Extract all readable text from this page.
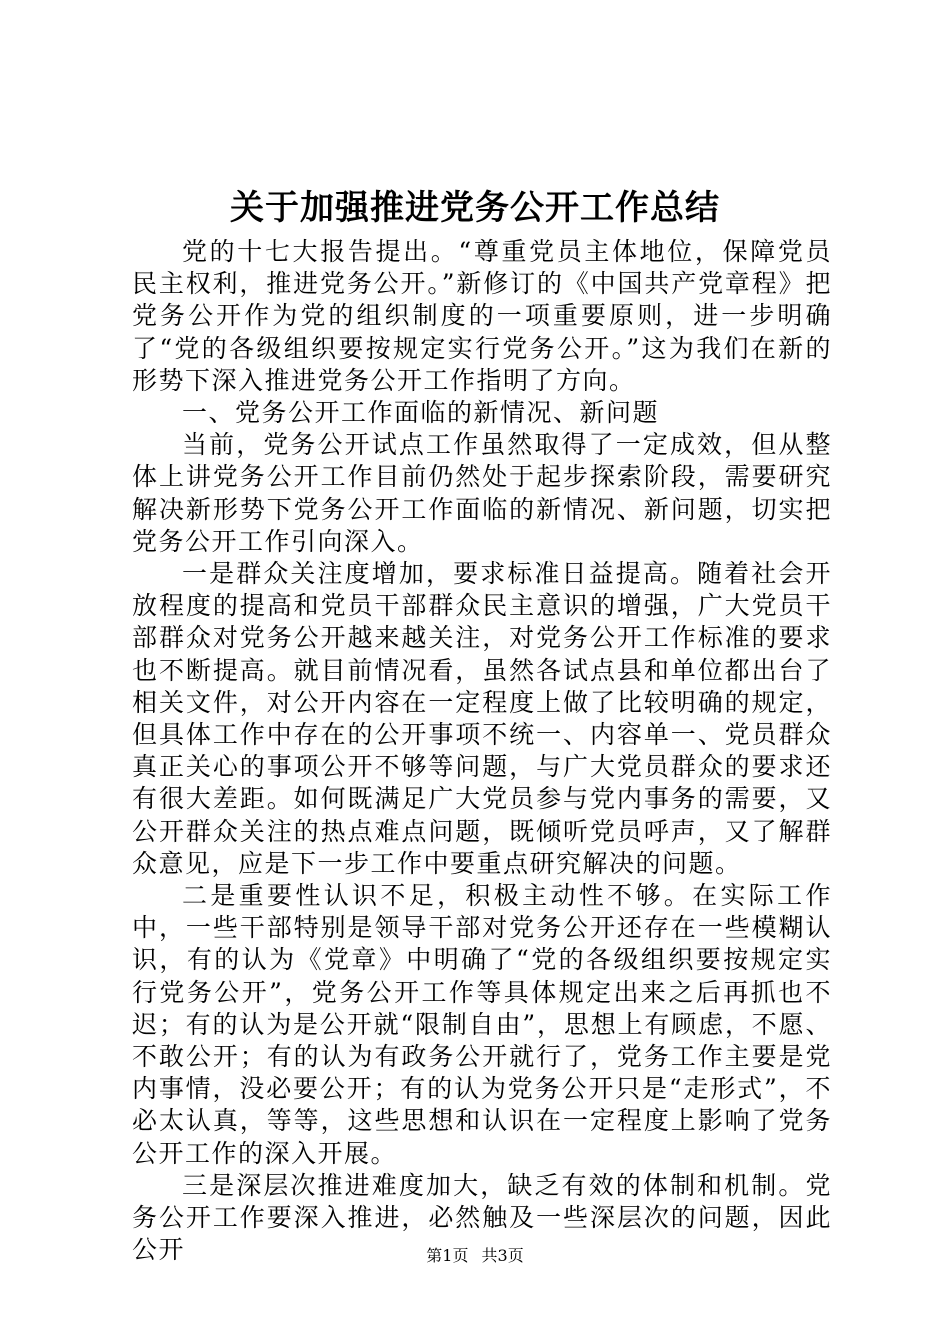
关于加强推进党务公开工作总结

党的十七大报告提出。“尊重党员主体地位，保障党员民主权利，推进党务公开。”新修订的《中国共产党章程》把党务公开作为党的组织制度的一项重要原则，进一步明确了“党的各级组织要按规定实行党务公开。”这为我们在新的形势下深入推进党务公开工作指明了方向。

一、党务公开工作面临的新情况、新问题

当前，党务公开试点工作虽然取得了一定成效，但从整体上讲党务公开工作目前仍然处于起步探索阶段，需要研究解决新形势下党务公开工作面临的新情况、新问题，切实把党务公开工作引向深入。

一是群众关注度增加，要求标准日益提高。随着社会开放程度的提高和党员干部群众民主意识的增强，广大党员干部群众对党务公开越来越关注，对党务公开工作标准的要求也不断提高。就目前情况看，虽然各试点县和单位都出台了相关文件，对公开内容在一定程度上做了比较明确的规定，但具体工作中存在的公开事项不统一、内容单一、党员群众真正关心的事项公开不够等问题，与广大党员群众的要求还有很大差距。如何既满足广大党员参与党内事务的需要，又公开群众关注的热点难点问题，既倾听党员呼声，又了解群众意见，应是下一步工作中要重点研究解决的问题。

二是重要性认识不足，积极主动性不够。在实际工作中，一些干部特别是领导干部对党务公开还存在一些模糊认识，有的认为《党章》中明确了“党的各级组织要按规定实行党务公开”，党务公开工作等具体规定出来之后再抓也不迟；有的认为是公开就“限制自由”，思想上有顾虑，不愿、不敢公开；有的认为有政务公开就行了，党务工作主要是党内事情，没必要公开；有的认为党务公开只是“走形式”，不必太认真，等等，这些思想和认识在一定程度上影响了党务公开工作的深入开展。

三是深层次推进难度加大，缺乏有效的体制和机制。党务公开工作要深入推进，必然触及一些深层次的问题，因此公开	第1页 共3页
